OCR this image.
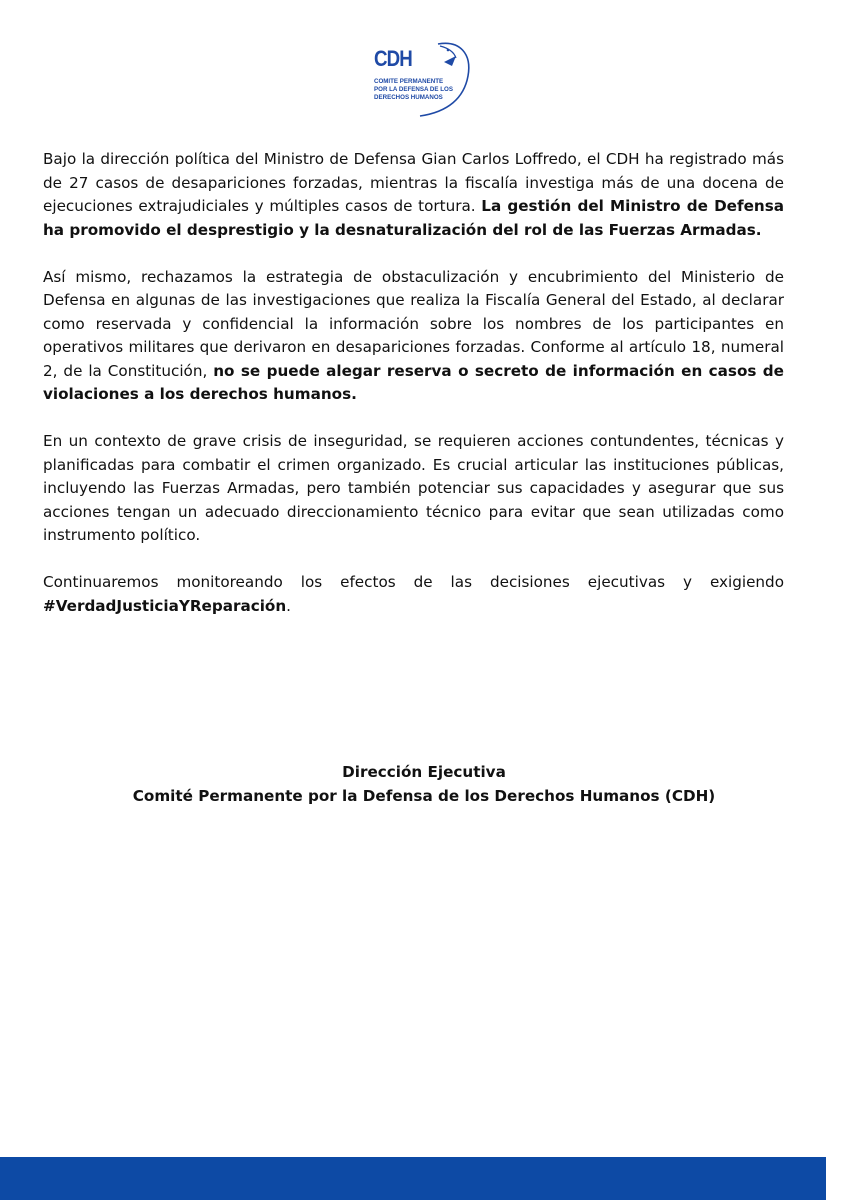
CDH
COMITE PERMANENTE
POR LA DEFENSA DE LOS
DERECHOS HUMANOS

Bajo la dirección política del Ministro de Defensa Gian Carlos Loffredo, el CDH ha registrado más de 27 casos de desapariciones forzadas, mientras la fiscalía investiga más de una docena de ejecuciones extrajudiciales y múltiples casos de tortura. La gestión del Ministro de Defensa ha promovido el desprestigio y la desnaturalización del rol de las Fuerzas Armadas.

Así mismo, rechazamos la estrategia de obstaculización y encubrimiento del Ministerio de Defensa en algunas de las investigaciones que realiza la Fiscalía General del Estado, al declarar como reservada y confidencial la información sobre los nombres de los participantes en operativos militares que derivaron en desapariciones forzadas. Conforme al artículo 18, numeral 2, de la Constitución, no se puede alegar reserva o secreto de información en casos de violaciones a los derechos humanos.

En un contexto de grave crisis de inseguridad, se requieren acciones contundentes, técnicas y planificadas para combatir el crimen organizado. Es crucial articular las instituciones públicas, incluyendo las Fuerzas Armadas, pero también potenciar sus capacidades y asegurar que sus acciones tengan un adecuado direccionamiento técnico para evitar que sean utilizadas como instrumento político.

Continuaremos monitoreando los efectos de las decisiones ejecutivas y exigiendo #VerdadJusticiaYReparación.

Dirección Ejecutiva
Comité Permanente por la Defensa de los Derechos Humanos (CDH)
